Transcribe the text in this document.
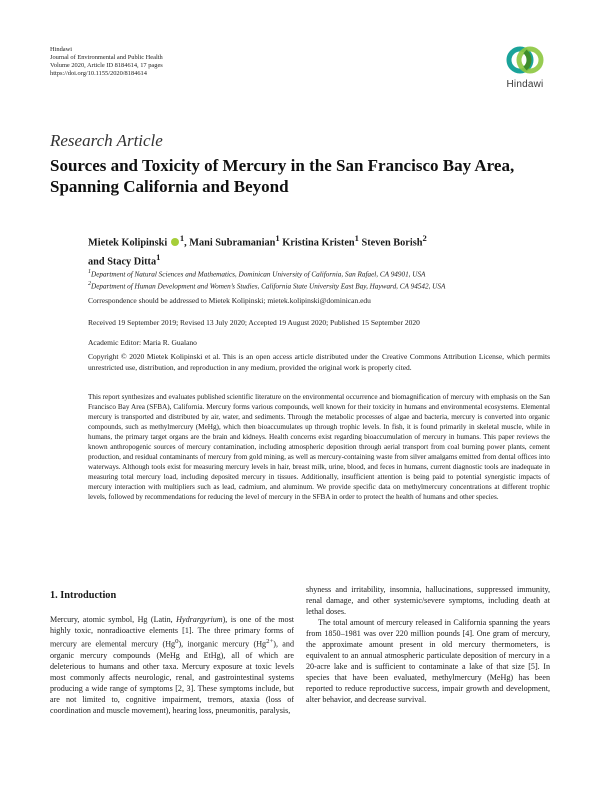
Hindawi
Journal of Environmental and Public Health
Volume 2020, Article ID 8184614, 17 pages
https://doi.org/10.1155/2020/8184614
Hindawi
Research Article
Sources and Toxicity of Mercury in the San Francisco Bay Area, Spanning California and Beyond
Mietek Kolipinski $^1$, Mani Subramanian$^1$ Kristina Kristen$^1$ Steven Borish$^2$
and Stacy Ditta$^1$
$^1$Department of Natural Sciences and Mathematics, Dominican University of California, San Rafael, CA 94901, USA
$^2$Department of Human Development and Women’s Studies, California State University East Bay, Hayward, CA 94542, USA
Correspondence should be addressed to Mietek Kolipinski; mietek.kolipinski@dominican.edu
Received 19 September 2019; Revised 13 July 2020; Accepted 19 August 2020; Published 15 September 2020
Academic Editor: Maria R. Gualano
Copyright © 2020 Mietek Kolipinski et al. This is an open access article distributed under the Creative Commons Attribution License, which permits unrestricted use, distribution, and reproduction in any medium, provided the original work is properly cited.
This report synthesizes and evaluates published scientific literature on the environmental occurrence and biomagnification of mercury with emphasis on the San Francisco Bay Area (SFBA), California. Mercury forms various compounds, well known for their toxicity in humans and environmental ecosystems. Elemental mercury is transported and distributed by air, water, and sediments. Through the metabolic processes of algae and bacteria, mercury is converted into organic compounds, such as methylmercury (MeHg), which then bioaccumulates up through trophic levels. In fish, it is found primarily in skeletal muscle, while in humans, the primary target organs are the brain and kidneys. Health concerns exist regarding bioaccumulation of mercury in humans. This paper reviews the known anthropogenic sources of mercury contamination, including atmospheric deposition through aerial transport from coal burning power plants, cement production, and residual contaminants of mercury from gold mining, as well as mercury-containing waste from silver amalgams emitted from dental offices into waterways. Although tools exist for measuring mercury levels in hair, breast milk, urine, blood, and feces in humans, current diagnostic tools are inadequate in measuring total mercury load, including deposited mercury in tissues. Additionally, insufficient attention is being paid to potential synergistic impacts of mercury interaction with multipliers such as lead, cadmium, and aluminum. We provide specific data on methylmercury concentrations at different trophic levels, followed by recommendations for reducing the level of mercury in the SFBA in order to protect the health of humans and other species.
1. Introduction

Mercury, atomic symbol, Hg (Latin, Hydrargyrium), is one of the most highly toxic, nonradioactive elements [1]. The three primary forms of mercury are elemental mercury (Hg$^0$), inorganic mercury $(Hg^{2+})$, and organic mercury compounds (MeHg and EtHg), all of which are deleterious to humans and other taxa. Mercury exposure at toxic levels most commonly affects neurologic, renal, and gastrointestinal systems producing a wide range of symptoms [2, 3]. These symptoms include, but are not limited to, cognitive impairment, tremors, ataxia (loss of coordination and muscle movement), hearing loss, pneumonitis, paralysis,

shyness and irritability, insomnia, hallucinations, suppressed immunity, renal damage, and other systemic/severe symptoms, including death at lethal doses.

The total amount of mercury released in California spanning the years from 1850–1981 was over 220 million pounds [4]. One gram of mercury, the approximate amount present in old mercury thermometers, is equivalent to an annual atmospheric particulate deposition of mercury in a 20-acre lake and is sufficient to contaminate a lake of that size [5]. In species that have been evaluated, methylmercury (MeHg) has been reported to reduce reproductive success, impair growth and development, alter behavior, and decrease survival.
